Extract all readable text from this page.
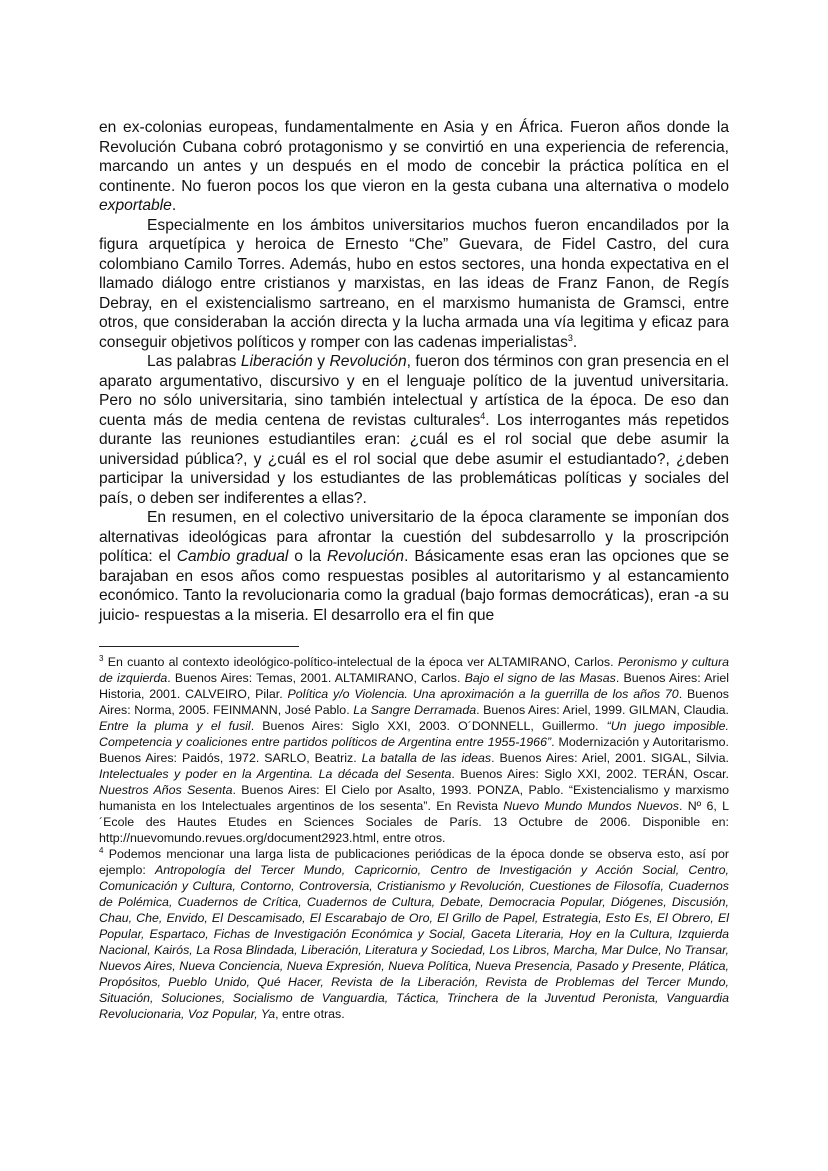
en ex-colonias europeas, fundamentalmente en Asia y en África. Fueron años donde la Revolución Cubana cobró protagonismo y se convirtió en una experiencia de referencia, marcando un antes y un después en el modo de concebir la práctica política en el continente. No fueron pocos los que vieron en la gesta cubana una alternativa o modelo exportable.

Especialmente en los ámbitos universitarios muchos fueron encandilados por la figura arquetípica y heroica de Ernesto “Che” Guevara, de Fidel Castro, del cura colombiano Camilo Torres. Además, hubo en estos sectores, una honda expectativa en el llamado diálogo entre cristianos y marxistas, en las ideas de Franz Fanon, de Regís Debray, en el existencialismo sartreano, en el marxismo humanista de Gramsci, entre otros, que consideraban la acción directa y la lucha armada una vía legitima y eficaz para conseguir objetivos políticos y romper con las cadenas imperialistas$^3$.

Las palabras Liberación y Revolución, fueron dos términos con gran presencia en el aparato argumentativo, discursivo y en el lenguaje político de la juventud universitaria. Pero no sólo universitaria, sino también intelectual y artística de la época. De eso dan cuenta más de media centena de revistas culturales$^4$. Los interrogantes más repetidos durante las reuniones estudiantiles eran: ¿cuál es el rol social que debe asumir la universidad pública?, y ¿cuál es el rol social que debe asumir el estudiantado?, ¿deben participar la universidad y los estudiantes de las problemáticas políticas y sociales del país, o deben ser indiferentes a ellas?.

En resumen, en el colectivo universitario de la época claramente se imponían dos alternativas ideológicas para afrontar la cuestión del subdesarrollo y la proscripción política: el Cambio gradual o la Revolución. Básicamente esas eran las opciones que se barajaban en esos años como respuestas posibles al autoritarismo y al estancamiento económico. Tanto la revolucionaria como la gradual (bajo formas democráticas), eran -a su juicio- respuestas a la miseria. El desarrollo era el fin que

$^3$ En cuanto al contexto ideológico-político-intelectual de la época ver ALTAMIRANO, Carlos. Peronismo y cultura de izquierda. Buenos Aires: Temas, 2001. ALTAMIRANO, Carlos. Bajo el signo de las Masas. Buenos Aires: Ariel Historia, 2001. CALVEIRO, Pilar. Política y/o Violencia. Una aproximación a la guerrilla de los años 70. Buenos Aires: Norma, 2005. FEINMANN, José Pablo. La Sangre Derramada. Buenos Aires: Ariel, 1999. GILMAN, Claudia. Entre la pluma y el fusil. Buenos Aires: Siglo XXI, 2003. O´DONNELL, Guillermo. “Un juego imposible. Competencia y coaliciones entre partidos políticos de Argentina entre 1955-1966”. Modernización y Autoritarismo. Buenos Aires: Paidós, 1972. SARLO, Beatriz. La batalla de las ideas. Buenos Aires: Ariel, 2001. SIGAL, Silvia. Intelectuales y poder en la Argentina. La década del Sesenta. Buenos Aires: Siglo XXI, 2002. TERÁN, Oscar. Nuestros Años Sesenta. Buenos Aires: El Cielo por Asalto, 1993. PONZA, Pablo. “Existencialismo y marxismo humanista en los Intelectuales argentinos de los sesenta”. En Revista Nuevo Mundo Mundos Nuevos. Nº 6, L´Ecole des Hautes Etudes en Sciences Sociales de París. 13 Octubre de 2006. Disponible en: http://nuevomundo.revues.org/document2923.html, entre otros.

$^4$ Podemos mencionar una larga lista de publicaciones periódicas de la época donde se observa esto, así por ejemplo: Antropología del Tercer Mundo, Capricornio, Centro de Investigación y Acción Social, Centro, Comunicación y Cultura, Contorno, Controversia, Cristianismo y Revolución, Cuestiones de Filosofía, Cuadernos de Polémica, Cuadernos de Crítica, Cuadernos de Cultura, Debate, Democracia Popular, Diógenes, Discusión, Chau, Che, Envido, El Descamisado, El Escarabajo de Oro, El Grillo de Papel, Estrategia, Esto Es, El Obrero, El Popular, Espartaco, Fichas de Investigación Económica y Social, Gaceta Literaria, Hoy en la Cultura, Izquierda Nacional, Kairós, La Rosa Blindada, Liberación, Literatura y Sociedad, Los Libros, Marcha, Mar Dulce, No Transar, Nuevos Aires, Nueva Conciencia, Nueva Expresión, Nueva Política, Nueva Presencia, Pasado y Presente, Plática, Propósitos, Pueblo Unido, Qué Hacer, Revista de la Liberación, Revista de Problemas del Tercer Mundo, Situación, Soluciones, Socialismo de Vanguardia, Táctica, Trinchera de la Juventud Peronista, Vanguardia Revolucionaria, Voz Popular, Ya, entre otras.
